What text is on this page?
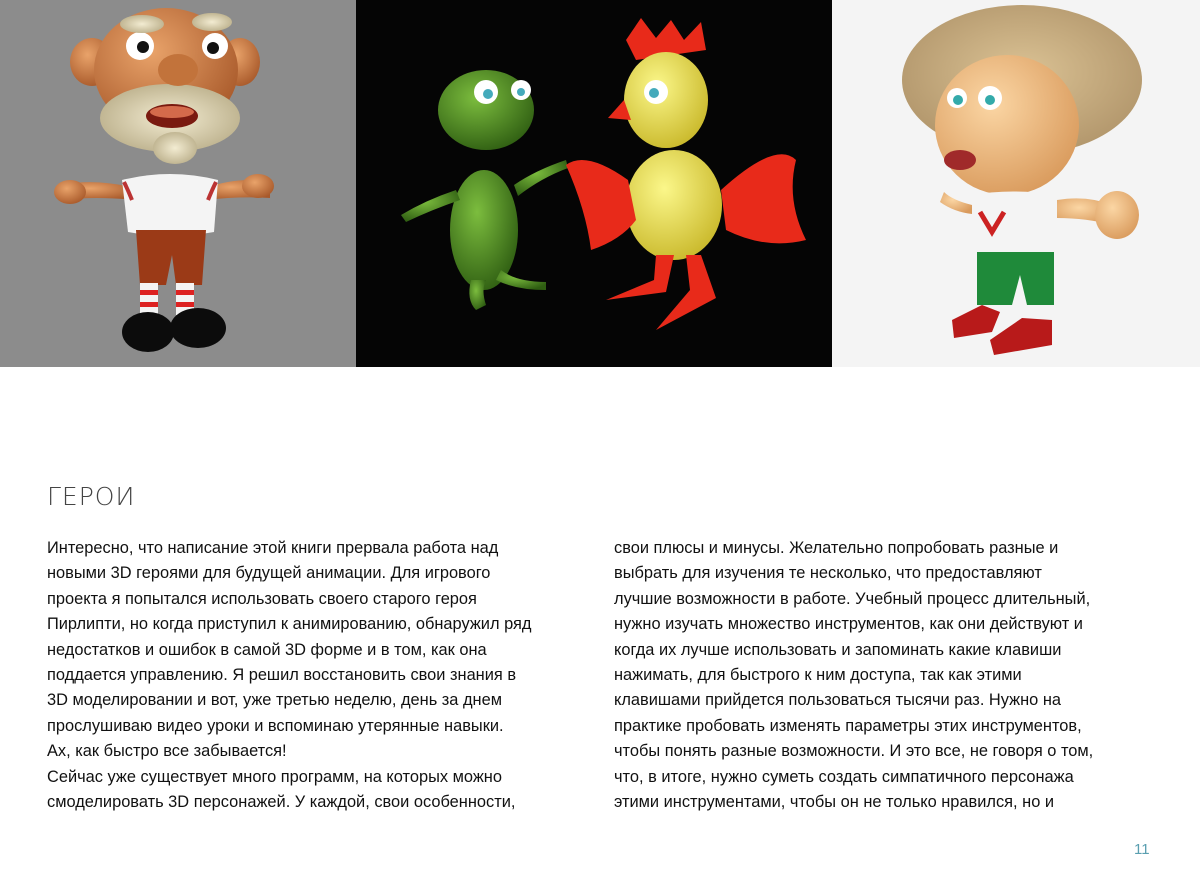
ГЕРОИ

Интересно, что написание этой книги прервала работа над

новыми 3D героями для будущей анимации. Для игрового

проекта я попытался использовать своего старого героя

Пирлипти, но когда приступил к анимированию, обнаружил ряд

недостатков и ошибок в самой 3D форме и в том, как она

поддается управлению. Я решил восстановить свои знания в

3D моделировании и вот, уже третью неделю, день за днем

прослушиваю видео уроки и вспоминаю утерянные навыки.

Ах, как быстро все забывается!

Сейчас уже существует много программ, на которых можно

смоделировать 3D персонажей. У каждой, свои особенности,

свои плюсы и минусы. Желательно попробовать разные и

выбрать для изучения те несколько, что предоставляют

лучшие возможности в работе. Учебный процесс длительный,

нужно изучать множество инструментов, как они действуют и

когда их лучше использовать и запоминать какие клавиши

нажимать, для быстрого к ним доступа, так как этими

клавишами прийдется пользоваться тысячи раз. Нужно на

практике пробовать изменять параметры этих инструментов,

чтобы понять разные возможности. И это все, не говоря о том,

что, в итоге, нужно суметь создать симпатичного персонажа

этими инструментами, чтобы он не только нравился, но и

11
